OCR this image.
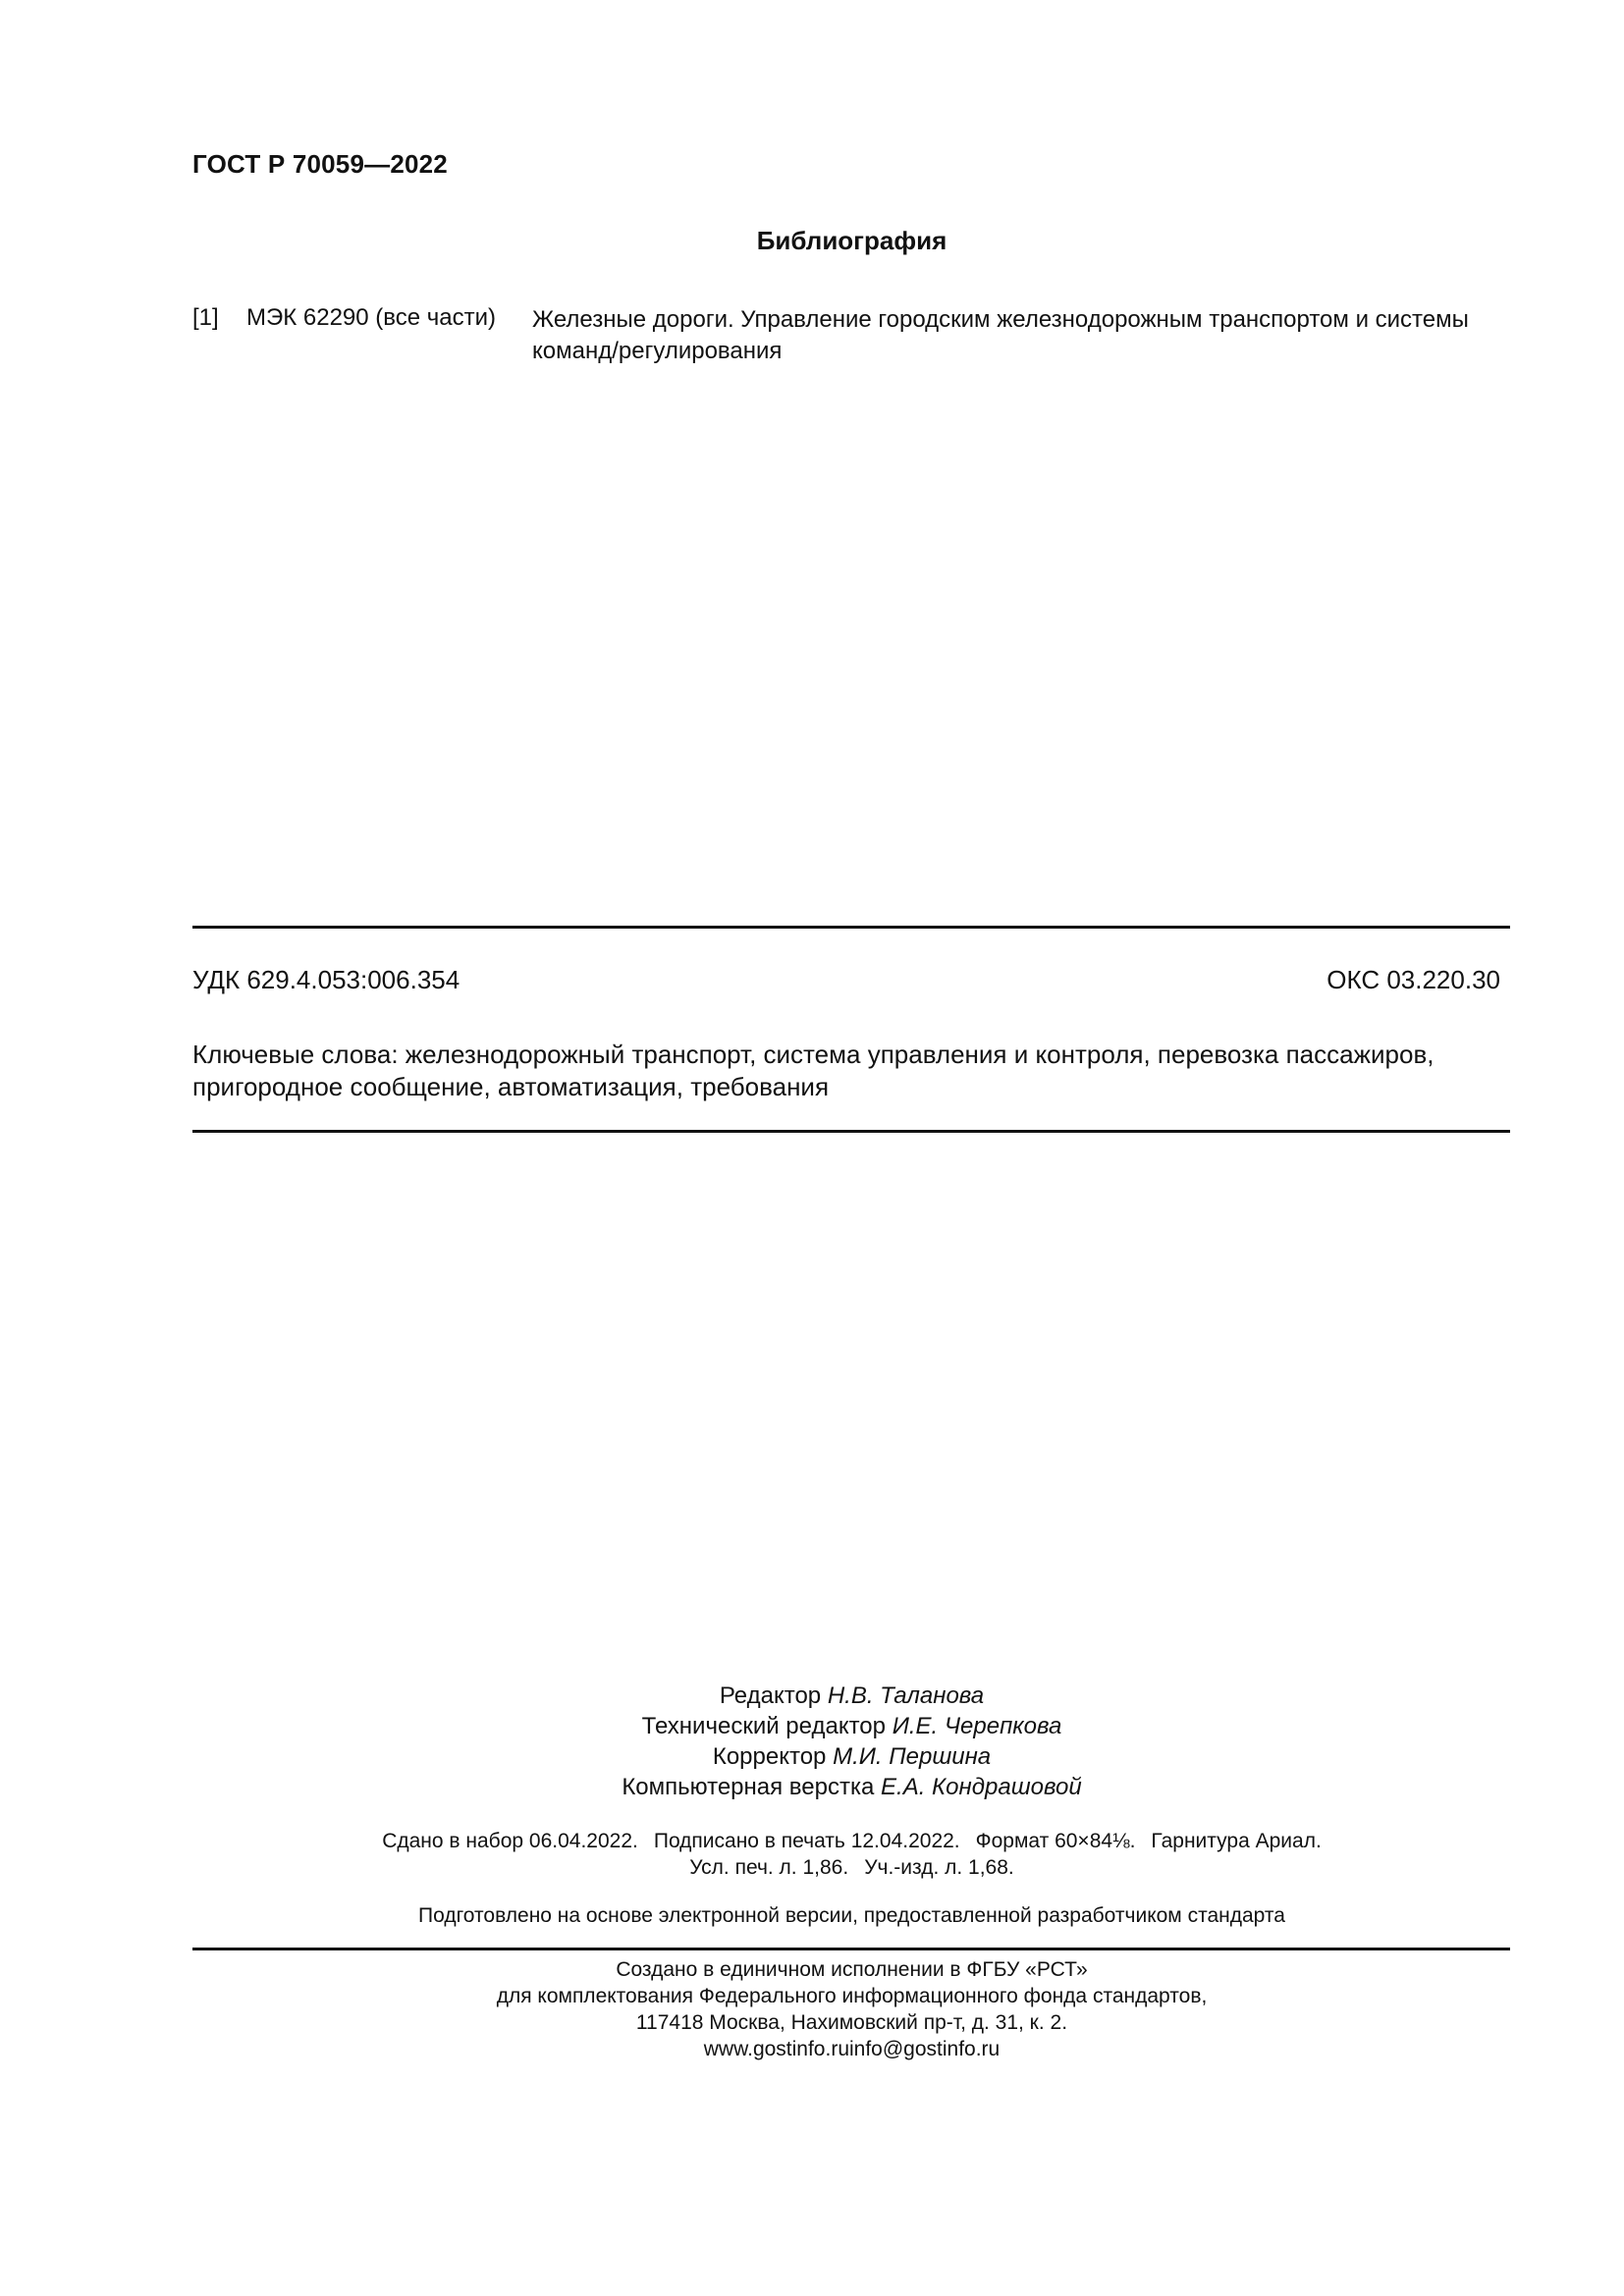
ГОСТ Р 70059—2022
Библиография
[1] МЭК 62290 (все части) Железные дороги. Управление городским железнодорожным транспортом и системы команд/регулирования
УДК 629.4.053:006.354	ОКС 03.220.30
Ключевые слова: железнодорожный транспорт, система управления и контроля, перевозка пассажиров, пригородное сообщение, автоматизация, требования
Редактор Н.В. Таланова
Технический редактор И.Е. Черепкова
Корректор М.И. Першина
Компьютерная верстка Е.А. Кондрашовой
Сдано в набор 06.04.2022. Подписано в печать 12.04.2022. Формат 60×84⅛. Гарнитура Ариал.
Усл. печ. л. 1,86. Уч.-изд. л. 1,68.
Подготовлено на основе электронной версии, предоставленной разработчиком стандарта
Создано в единичном исполнении в ФГБУ «РСТ»
для комплектования Федерального информационного фонда стандартов,
117418 Москва, Нахимовский пр-т, д. 31, к. 2.
www.gostinfo.ruinfo@gostinfo.ru
